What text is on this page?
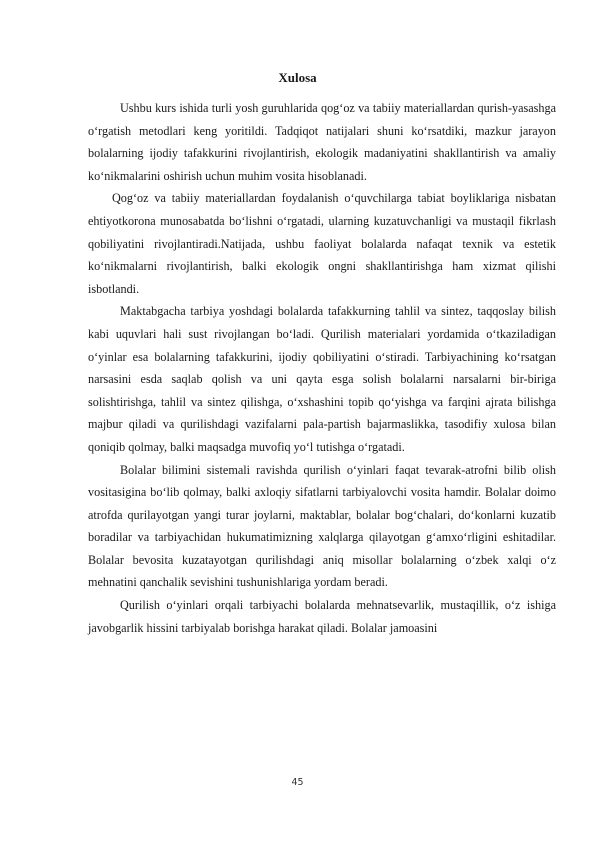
Xulosa

Ushbu kurs ishida turli yosh guruhlarida qog‘oz va tabiiy materiallardan qurish-yasashga o‘rgatish metodlari keng yoritildi. Tadqiqot natijalari shuni ko‘rsatdiki, mazkur jarayon bolalarning ijodiy tafakkurini rivojlantirish, ekologik madaniyatini shakllantirish va amaliy ko‘nikmalarini oshirish uchun muhim vosita hisoblanadi.

Qog‘oz va tabiiy materiallardan foydalanish o‘quvchilarga tabiat boyliklariga nisbatan ehtiyotkorona munosabatda bo‘lishni o‘rgatadi, ularning kuzatuvchanligi va mustaqil fikrlash qobiliyatini rivojlantiradi.Natijada, ushbu faoliyat bolalarda nafaqat texnik va estetik ko‘nikmalarni rivojlantirish, balki ekologik ongni shakllantirishga ham xizmat qilishi isbotlandi.

Maktabgacha tarbiya yoshdagi bolalarda tafakkurning tahlil va sintez, taqqoslay bilish kabi uquvlari hali sust rivojlangan bo‘ladi. Qurilish materialari yordamida o‘tkaziladigan o‘yinlar esa bolalarning tafakkurini, ijodiy qobiliyatini o‘stiradi. Tarbiyachining ko‘rsatgan narsasini esda saqlab qolish va uni qayta esga solish bolalarni narsalarni bir-biriga solishtirishga, tahlil va sintez qilishga, o‘xshashini topib qo‘yishga va farqini ajrata bilishga majbur qiladi va qurilishdagi vazifalarni pala-partish bajarmaslikka, tasodifiy xulosa bilan qoniqib qolmay, balki maqsadga muvofiq yo‘l tutishga o‘rgatadi.

Bolalar bilimini sistemali ravishda qurilish o‘yinlari faqat tevarak-atrofni bilib olish vositasigina bo‘lib qolmay, balki axloqiy sifatlarni tarbiyalovchi vosita hamdir. Bolalar doimo atrofda qurilayotgan yangi turar joylarni, maktablar, bolalar bog‘chalari, do‘konlarni kuzatib boradilar va tarbiyachidan hukumatimizning xalqlarga qilayotgan g‘amxo‘rligini eshitadilar. Bolalar bevosita kuzatayotgan qurilishdagi aniq misollar bolalarning o‘zbek xalqi o‘z mehnatini qanchalik sevishini tushunishlariga yordam beradi.

Qurilish o‘yinlari orqali tarbiyachi bolalarda mehnatsevarlik, mustaqillik, o‘z ishiga javobgarlik hissini tarbiyalab borishga harakat qiladi. Bolalar jamoasini

45
